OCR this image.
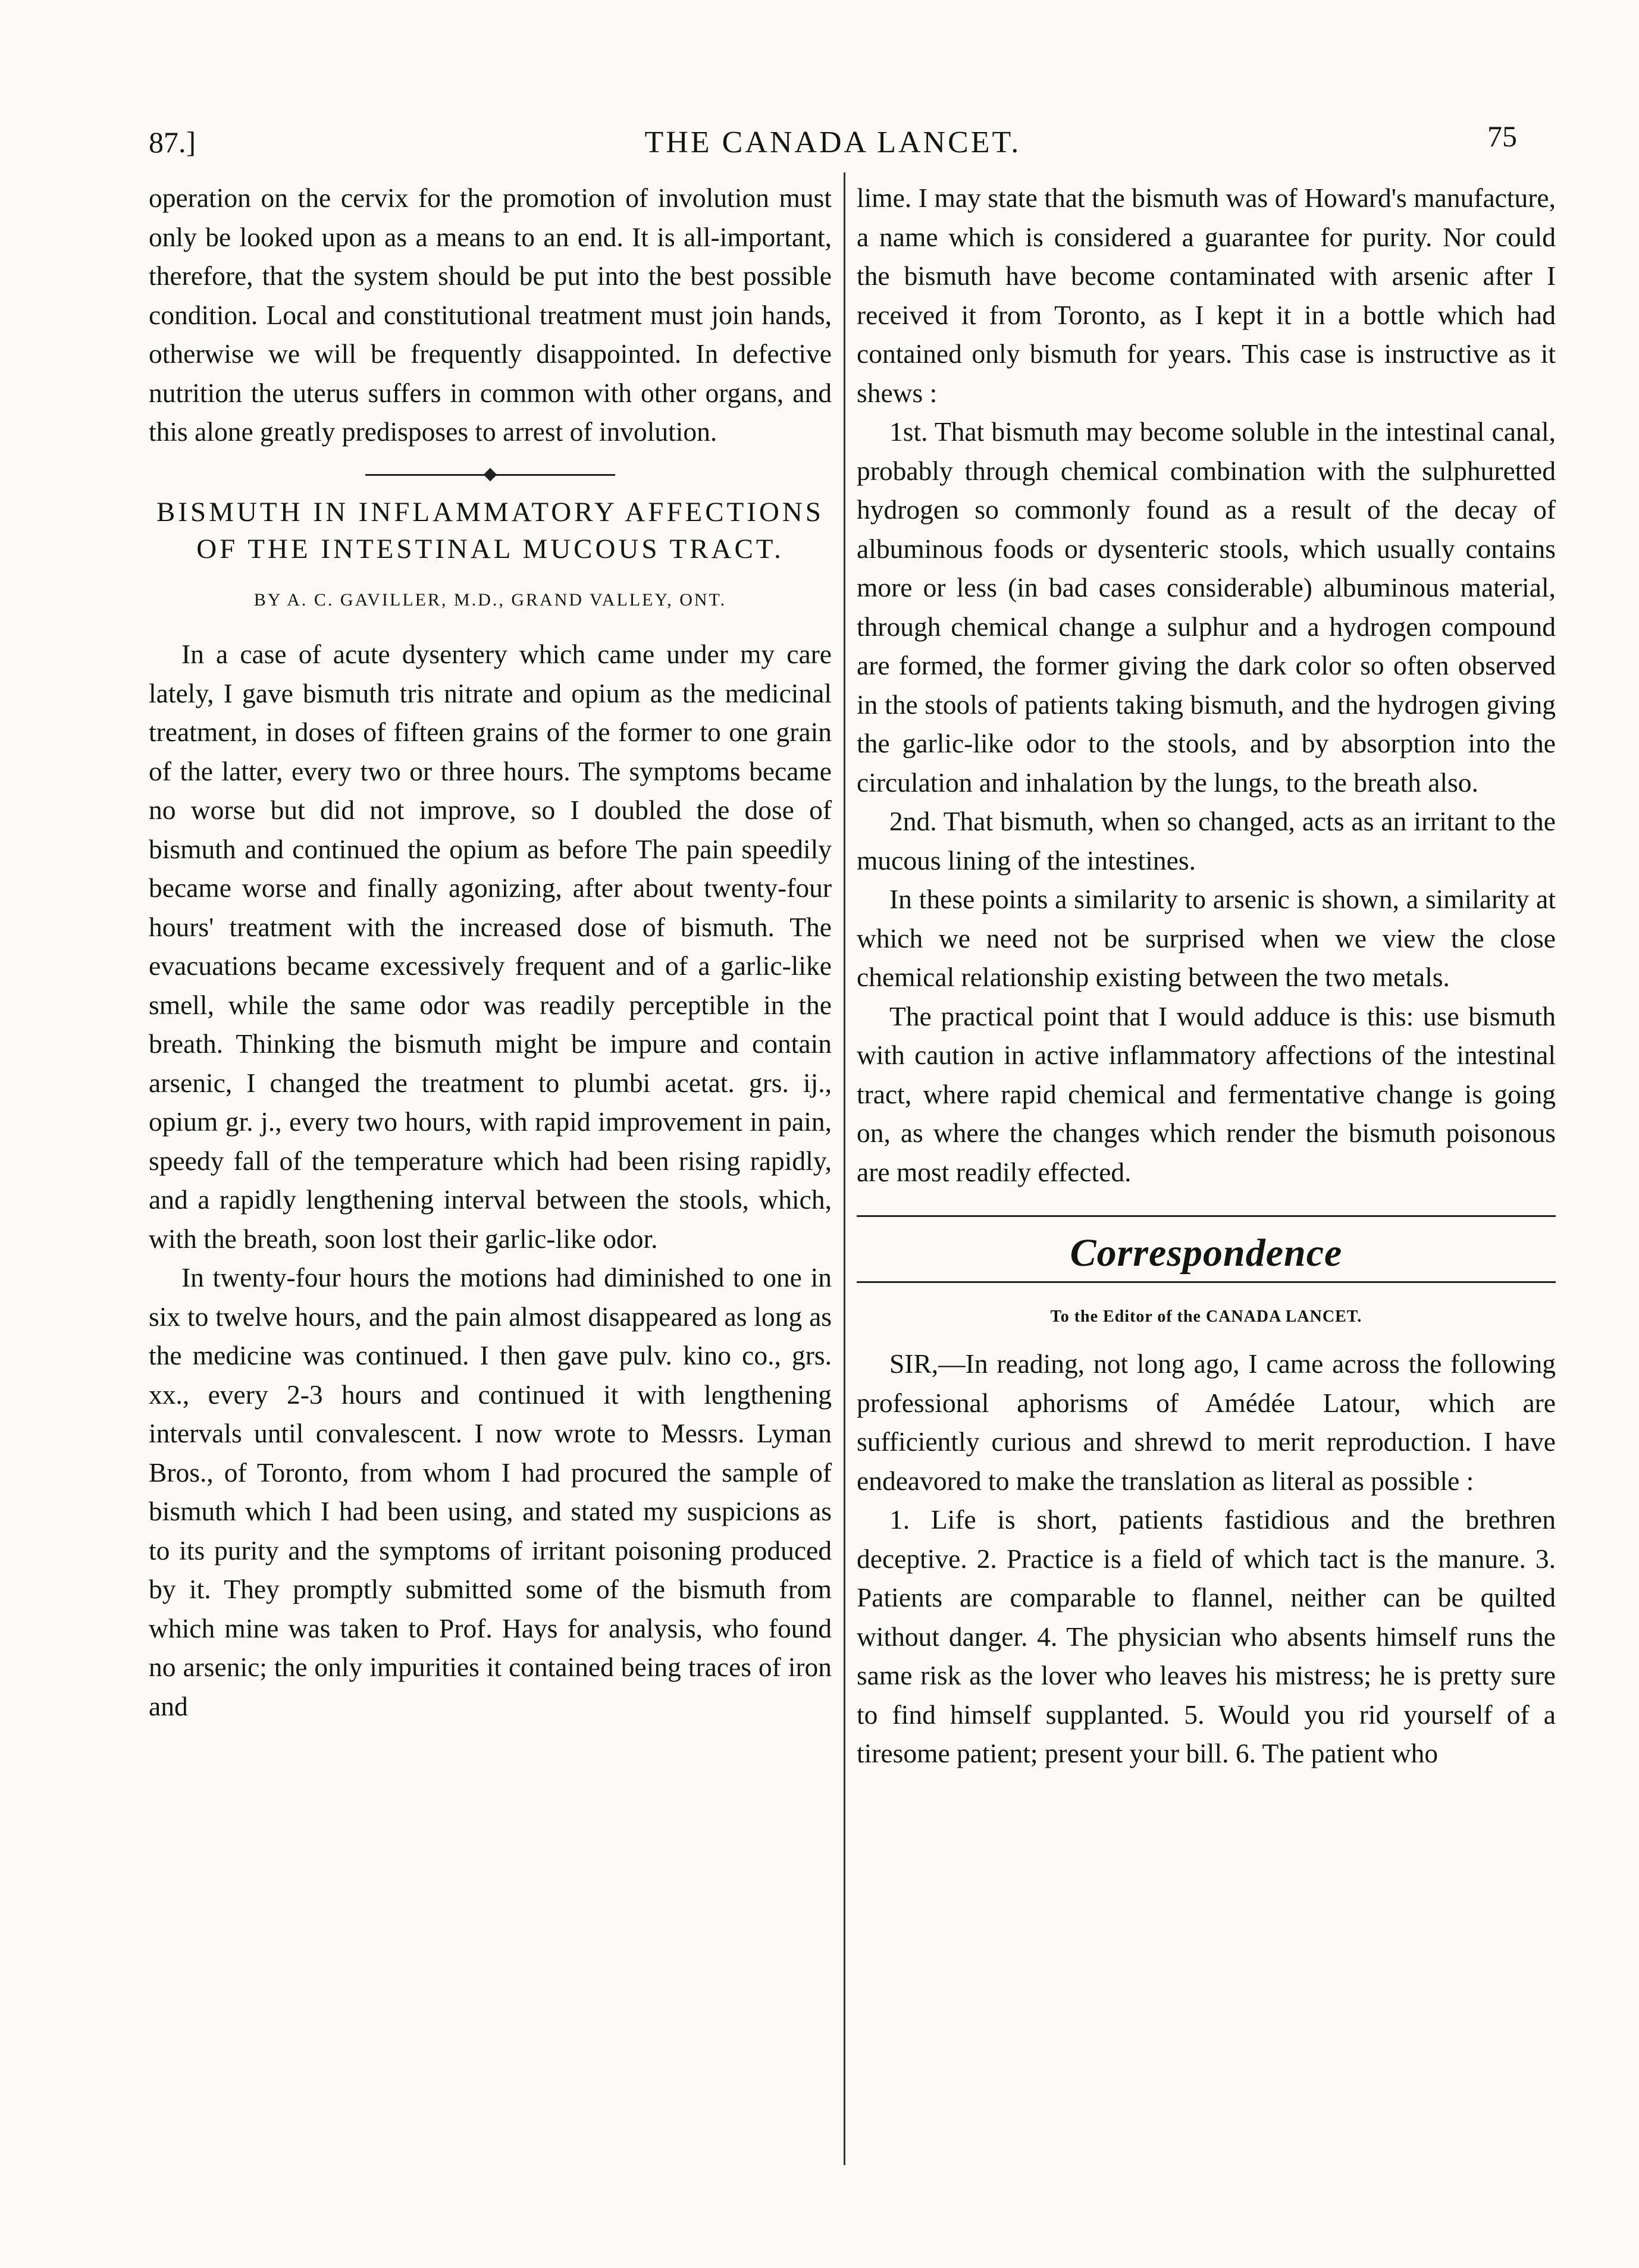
87.]	THE CANADA LANCET.	75

operation on the cervix for the promotion of involution must only be looked upon as a means to an end. It is all-important, therefore, that the system should be put into the best possible condition. Local and constitutional treatment must join hands, otherwise we will be frequently disappointed. In defective nutrition the uterus suffers in common with other organs, and this alone greatly predisposes to arrest of involution.

BISMUTH IN INFLAMMATORY AFFECTIONS OF THE INTESTINAL MUCOUS TRACT.
BY A. C. GAVILLER, M.D., GRAND VALLEY, ONT.

In a case of acute dysentery which came under my care lately, I gave bismuth tris nitrate and opium as the medicinal treatment, in doses of fifteen grains of the former to one grain of the latter, every two or three hours. The symptoms became no worse but did not improve, so I doubled the dose of bismuth and continued the opium as before The pain speedily became worse and finally agonizing, after about twenty-four hours' treatment with the increased dose of bismuth. The evacuations became excessively frequent and of a garlic-like smell, while the same odor was readily perceptible in the breath. Thinking the bismuth might be impure and contain arsenic, I changed the treatment to plumbi acetat. grs. ij., opium gr. j., every two hours, with rapid improvement in pain, speedy fall of the temperature which had been rising rapidly, and a rapidly lengthening interval between the stools, which, with the breath, soon lost their garlic-like odor.

In twenty-four hours the motions had diminished to one in six to twelve hours, and the pain almost disappeared as long as the medicine was continued. I then gave pulv. kino co., grs. xx., every 2-3 hours and continued it with lengthening intervals until convalescent. I now wrote to Messrs. Lyman Bros., of Toronto, from whom I had procured the sample of bismuth which I had been using, and stated my suspicions as to its purity and the symptoms of irritant poisoning produced by it. They promptly submitted some of the bismuth from which mine was taken to Prof. Hays for analysis, who found no arsenic; the only impurities it contained being traces of iron and

lime. I may state that the bismuth was of Howard's manufacture, a name which is considered a guarantee for purity. Nor could the bismuth have become contaminated with arsenic after I received it from Toronto, as I kept it in a bottle which had contained only bismuth for years. This case is instructive as it shews :

1st. That bismuth may become soluble in the intestinal canal, probably through chemical combination with the sulphuretted hydrogen so commonly found as a result of the decay of albuminous foods or dysenteric stools, which usually contains more or less (in bad cases considerable) albuminous material, through chemical change a sulphur and a hydrogen compound are formed, the former giving the dark color so often observed in the stools of patients taking bismuth, and the hydrogen giving the garlic-like odor to the stools, and by absorption into the circulation and inhalation by the lungs, to the breath also.

2nd. That bismuth, when so changed, acts as an irritant to the mucous lining of the intestines.

In these points a similarity to arsenic is shown, a similarity at which we need not be surprised when we view the close chemical relationship existing between the two metals.

The practical point that I would adduce is this: use bismuth with caution in active inflammatory affections of the intestinal tract, where rapid chemical and fermentative change is going on, as where the changes which render the bismuth poisonous are most readily effected.

Correspondence
To the Editor of the CANADA LANCET.

SIR,—In reading, not long ago, I came across the following professional aphorisms of Amédée Latour, which are sufficiently curious and shrewd to merit reproduction. I have endeavored to make the translation as literal as possible :

1. Life is short, patients fastidious and the brethren deceptive. 2. Practice is a field of which tact is the manure. 3. Patients are comparable to flannel, neither can be quilted without danger. 4. The physician who absents himself runs the same risk as the lover who leaves his mistress; he is pretty sure to find himself supplanted. 5. Would you rid yourself of a tiresome patient; present your bill. 6. The patient who
